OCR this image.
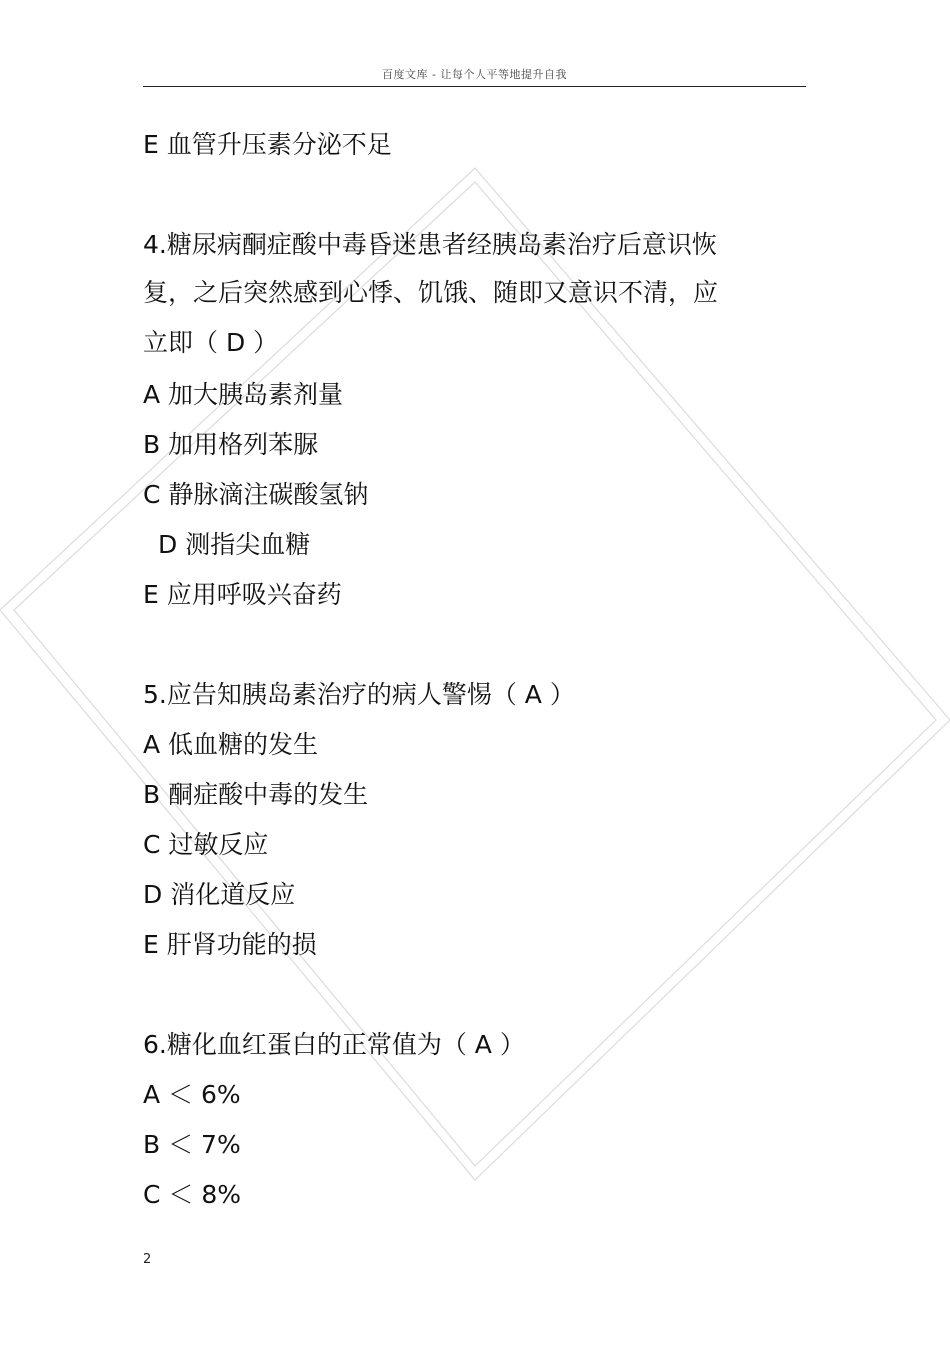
百度文库 - 让每个人平等地提升自我
E 血管升压素分泌不足
4.糖尿病酮症酸中毒昏迷患者经胰岛素治疗后意识恢
复，之后突然感到心悸、饥饿、随即又意识不清，应
立即（ D ）
A 加大胰岛素剂量
B 加用格列苯脲
C 静脉滴注碳酸氢钠
D 测指尖血糖
E 应用呼吸兴奋药
5.应告知胰岛素治疗的病人警惕（ A ）
A 低血糖的发生
B 酮症酸中毒的发生
C 过敏反应
D 消化道反应
E 肝肾功能的损
6.糖化血红蛋白的正常值为（ A ）
A ＜ 6%
B ＜ 7%
C ＜ 8%
2
